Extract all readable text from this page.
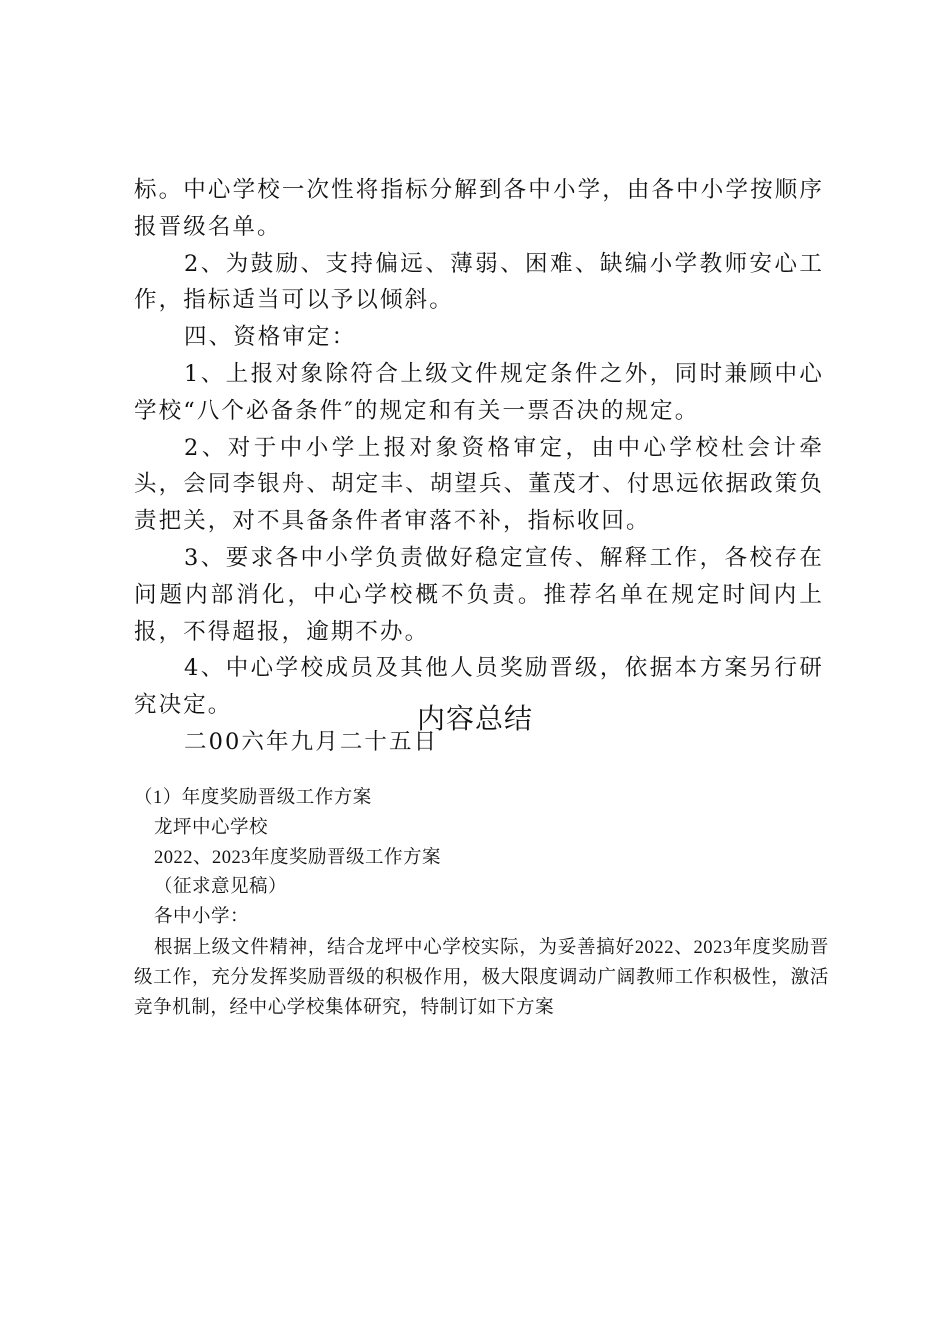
标。中心学校一次性将指标分解到各中小学，由各中小学按顺序报晋级名单。

2、为鼓励、支持偏远、薄弱、困难、缺编小学教师安心工作，指标适当可以予以倾斜。

四、资格审定：

1、上报对象除符合上级文件规定条件之外，同时兼顾中心学校“八个必备条件″的规定和有关一票否决的规定。

2、对于中小学上报对象资格审定，由中心学校杜会计牵头，会同李银舟、胡定丰、胡望兵、董茂才、付思远依据政策负责把关，对不具备条件者审落不补，指标收回。

3、要求各中小学负责做好稳定宣传、解释工作，各校存在问题内部消化，中心学校概不负责。推荐名单在规定时间内上报，不得超报，逾期不办。

4、中心学校成员及其他人员奖励晋级，依据本方案另行研究决定。

二00六年九月二十五日

内容总结

（1）年度奖励晋级工作方案

龙坪中心学校

2022、2023年度奖励晋级工作方案

（征求意见稿）

各中小学：

根据上级文件精神，结合龙坪中心学校实际，为妥善搞好2022、2023年度奖励晋级工作，充分发挥奖励晋级的积极作用，极大限度调动广阔教师工作积极性，激活竞争机制，经中心学校集体研究，特制订如下方案
